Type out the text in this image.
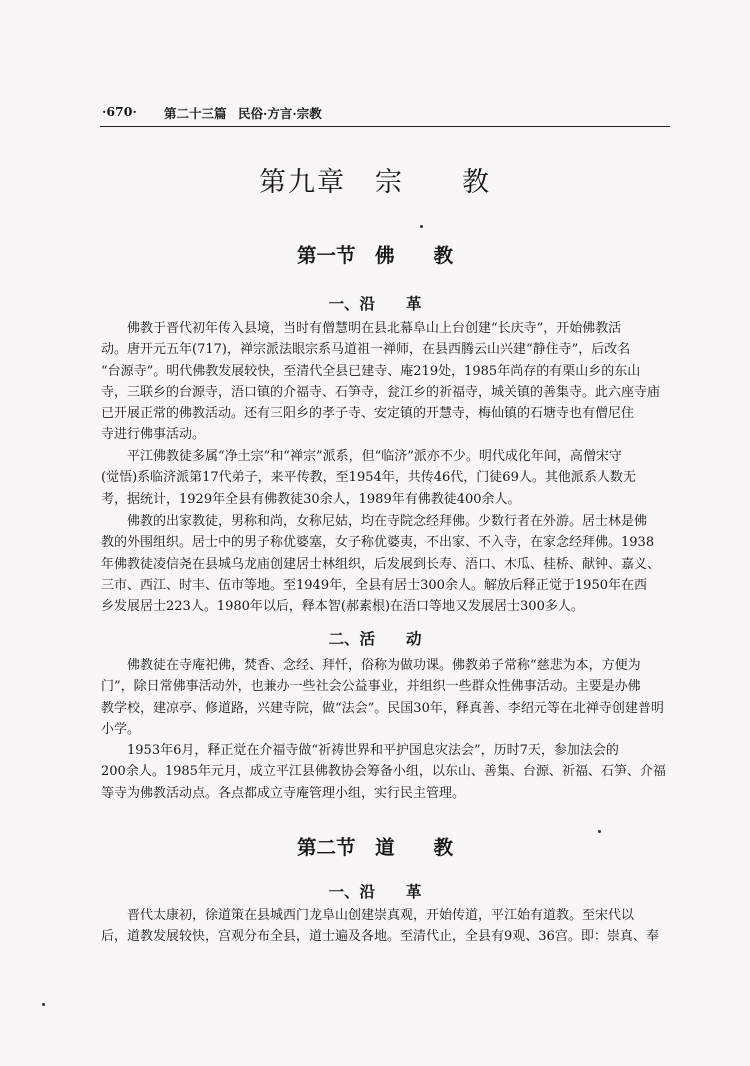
·670· 第二十三篇 民俗·方言·宗教
第九章　宗　　教
第一节　佛　　教
一、沿　　革
佛教于晋代初年传入县境，当时有僧慧明在县北幕阜山上台创建“长庆寺”，开始佛教活
动。唐开元五年(717)，禅宗派法眼宗系马道祖一禅师，在县西腾云山兴建“静住寺”，后改名
“台源寺”。明代佛教发展较快，至清代全县已建寺、庵219处，1985年尚存的有栗山乡的东山
寺，三联乡的台源寺，浯口镇的介福寺、石笋寺，瓮江乡的祈福寺，城关镇的善集寺。此六座寺庙
已开展正常的佛教活动。还有三阳乡的孝子寺、安定镇的开慧寺，梅仙镇的石塘寺也有僧尼住
寺进行佛事活动。
平江佛教徒多属“净土宗”和“禅宗”派系，但“临济”派亦不少。明代成化年间，高僧宋守
(觉悟)系临济派第17代弟子，来平传教，至1954年，共传46代，门徒69人。其他派系人数无
考，据统计，1929年全县有佛教徒30余人，1989年有佛教徒400余人。
佛教的出家教徒，男称和尚，女称尼姑，均在寺院念经拜佛。少数行者在外游。居士林是佛
教的外围组织。居士中的男子称优婆塞，女子称优婆夷，不出家、不入寺，在家念经拜佛。1938
年佛教徒凌信尧在县城乌龙庙创建居士林组织，后发展到长寿、浯口、木瓜、桂桥、献钟、嘉义、
三市、西江、时丰、伍市等地。至1949年，全县有居士300余人。解放后释正觉于1950年在西
乡发展居士223人。1980年以后，释本智(郝素根)在浯口等地又发展居士300多人。
二、活　　动
佛教徒在寺庵祀佛，焚香、念经、拜忏，俗称为做功课。佛教弟子常称“慈悲为本，方便为
门”，除日常佛事活动外，也兼办一些社会公益事业，并组织一些群众性佛事活动。主要是办佛
教学校，建凉亭、修道路，兴建寺院，做“法会”。民国30年，释真善、李绍元等在北禅寺创建普明
小学。
1953年6月，释正觉在介福寺做“祈祷世界和平护国息灾法会”，历时7天，参加法会的
200余人。1985年元月，成立平江县佛教协会筹备小组，以东山、善集、台源、祈福、石笋、介福
等寺为佛教活动点。各点都成立寺庵管理小组，实行民主管理。
第二节　道　　教
一、沿　　革
晋代太康初，徐道策在县城西门龙阜山创建崇真观，开始传道，平江始有道教。至宋代以
后，道教发展较快，宫观分布全县，道士遍及各地。至清代止，全县有9观、36宫。即：崇真、奉
